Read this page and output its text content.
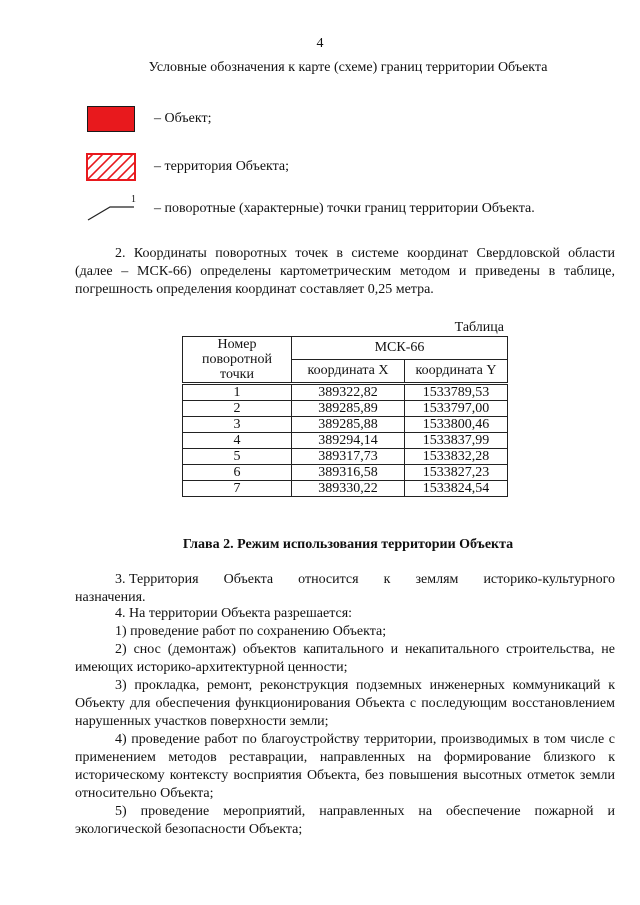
4
Условные обозначения к карте (схеме) границ территории Объекта
– Объект;
– территория Объекта;
1
– поворотные (характерные) точки границ территории Объекта.
2. Координаты поворотных точек в системе координат Свердловской области (далее – МСК-66) определены картометрическим методом и приведены в таблице, погрешность определения координат составляет 0,25 метра.
Таблица
Номер поворотной точки	МСК-66	
	координата X	координата Y
1	389322,82	1533789,53
2	389285,89	1533797,00
3	389285,88	1533800,46
4	389294,14	1533837,99
5	389317,73	1533832,28
6	389316,58	1533827,23
7	389330,22	1533824,54
Глава 2. Режим использования территории Объекта
3. Территория Объекта относится к землям историко-культурного
назначения.
4. На территории Объекта разрешается:
1) проведение работ по сохранению Объекта;
2) снос (демонтаж) объектов капитального и некапитального строительства, не имеющих историко-архитектурной ценности;
3) прокладка, ремонт, реконструкция подземных инженерных коммуникаций к Объекту для обеспечения функционирования Объекта с последующим восстановлением нарушенных участков поверхности земли;
4) проведение работ по благоустройству территории, производимых в том числе с применением методов реставрации, направленных на формирование близкого к историческому контексту восприятия Объекта, без повышения высотных отметок земли относительно Объекта;
5) проведение мероприятий, направленных на обеспечение пожарной и экологической безопасности Объекта;
